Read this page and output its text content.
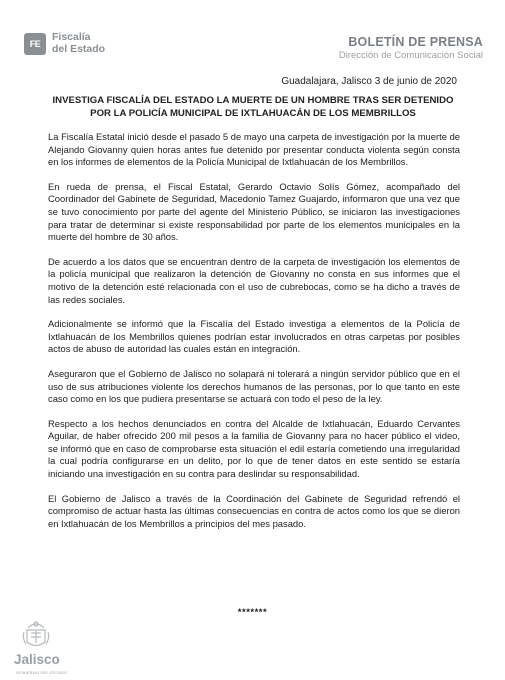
FE
Fiscalía
del Estado	BOLETÍN DE PRENSA
Dirección de Comunicación Social
Guadalajara, Jalisco 3 de junio de 2020
INVESTIGA FISCALÍA DEL ESTADO LA MUERTE DE UN HOMBRE TRAS SER DETENIDO POR LA POLICÍA MUNICIPAL DE IXTLAHUACÁN DE LOS MEMBRILLOS

La Fiscalía Estatal inició desde el pasado 5 de mayo una carpeta de investigación por la muerte de Alejando Giovanny quien horas antes fue detenido por presentar conducta violenta según consta en los informes de elementos de la Policía Municipal de Ixtlahuacán de los Membrillos.

En rueda de prensa, el Fiscal Estatal, Gerardo Octavio Solís Gómez, acompañado del Coordinador del Gabinete de Seguridad, Macedonio Tamez Guajardo, informaron que una vez que se tuvo conocimiento por parte del agente del Ministerio Público, se iniciaron las investigaciones para tratar de determinar si existe responsabilidad por parte de los elementos municipales en la muerte del hombre de 30 años.

De acuerdo a los datos que se encuentran dentro de la carpeta de investigación los elementos de la policía municipal que realizaron la detención de Giovanny no consta en sus informes que el motivo de la detención esté relacionada con el uso de cubrebocas, como se ha dicho a través de las redes sociales.

Adicionalmente se informó que la Fiscalía del Estado investiga a elementos de la Policía de Ixtlahuacán de los Membrillos quienes podrían estar involucrados en otras carpetas por posibles actos de abuso de autoridad las cuales están en integración.

Aseguraron que el Gobierno de Jalisco no solapará ni tolerará a ningún servidor público que en el uso de sus atribuciones violente los derechos humanos de las personas, por lo que tanto en este caso como en los que pudiera presentarse se actuará con todo el peso de la ley.

Respecto a los hechos denunciados en contra del Alcalde de Ixtlahuacán, Eduardo Cervantes Aguilar, de haber ofrecido 200 mil pesos a la familia de Giovanny para no hacer público el video, se informó que en caso de comprobarse esta situación el edil estaría cometiendo una irregularidad la cual podría configurarse en un delito, por lo que de tener datos en este sentido se estaría iniciando una investigación en su contra para deslindar su responsabilidad.

El Gobierno de Jalisco a través de la Coordinación del Gabinete de Seguridad refrendó el compromiso de actuar hasta las últimas consecuencias en contra de actos como los que se dieron en Ixtlahuacán de los Membrillos a principios del mes pasado.

*******
Jalisco
GOBIERNO DEL ESTADO
